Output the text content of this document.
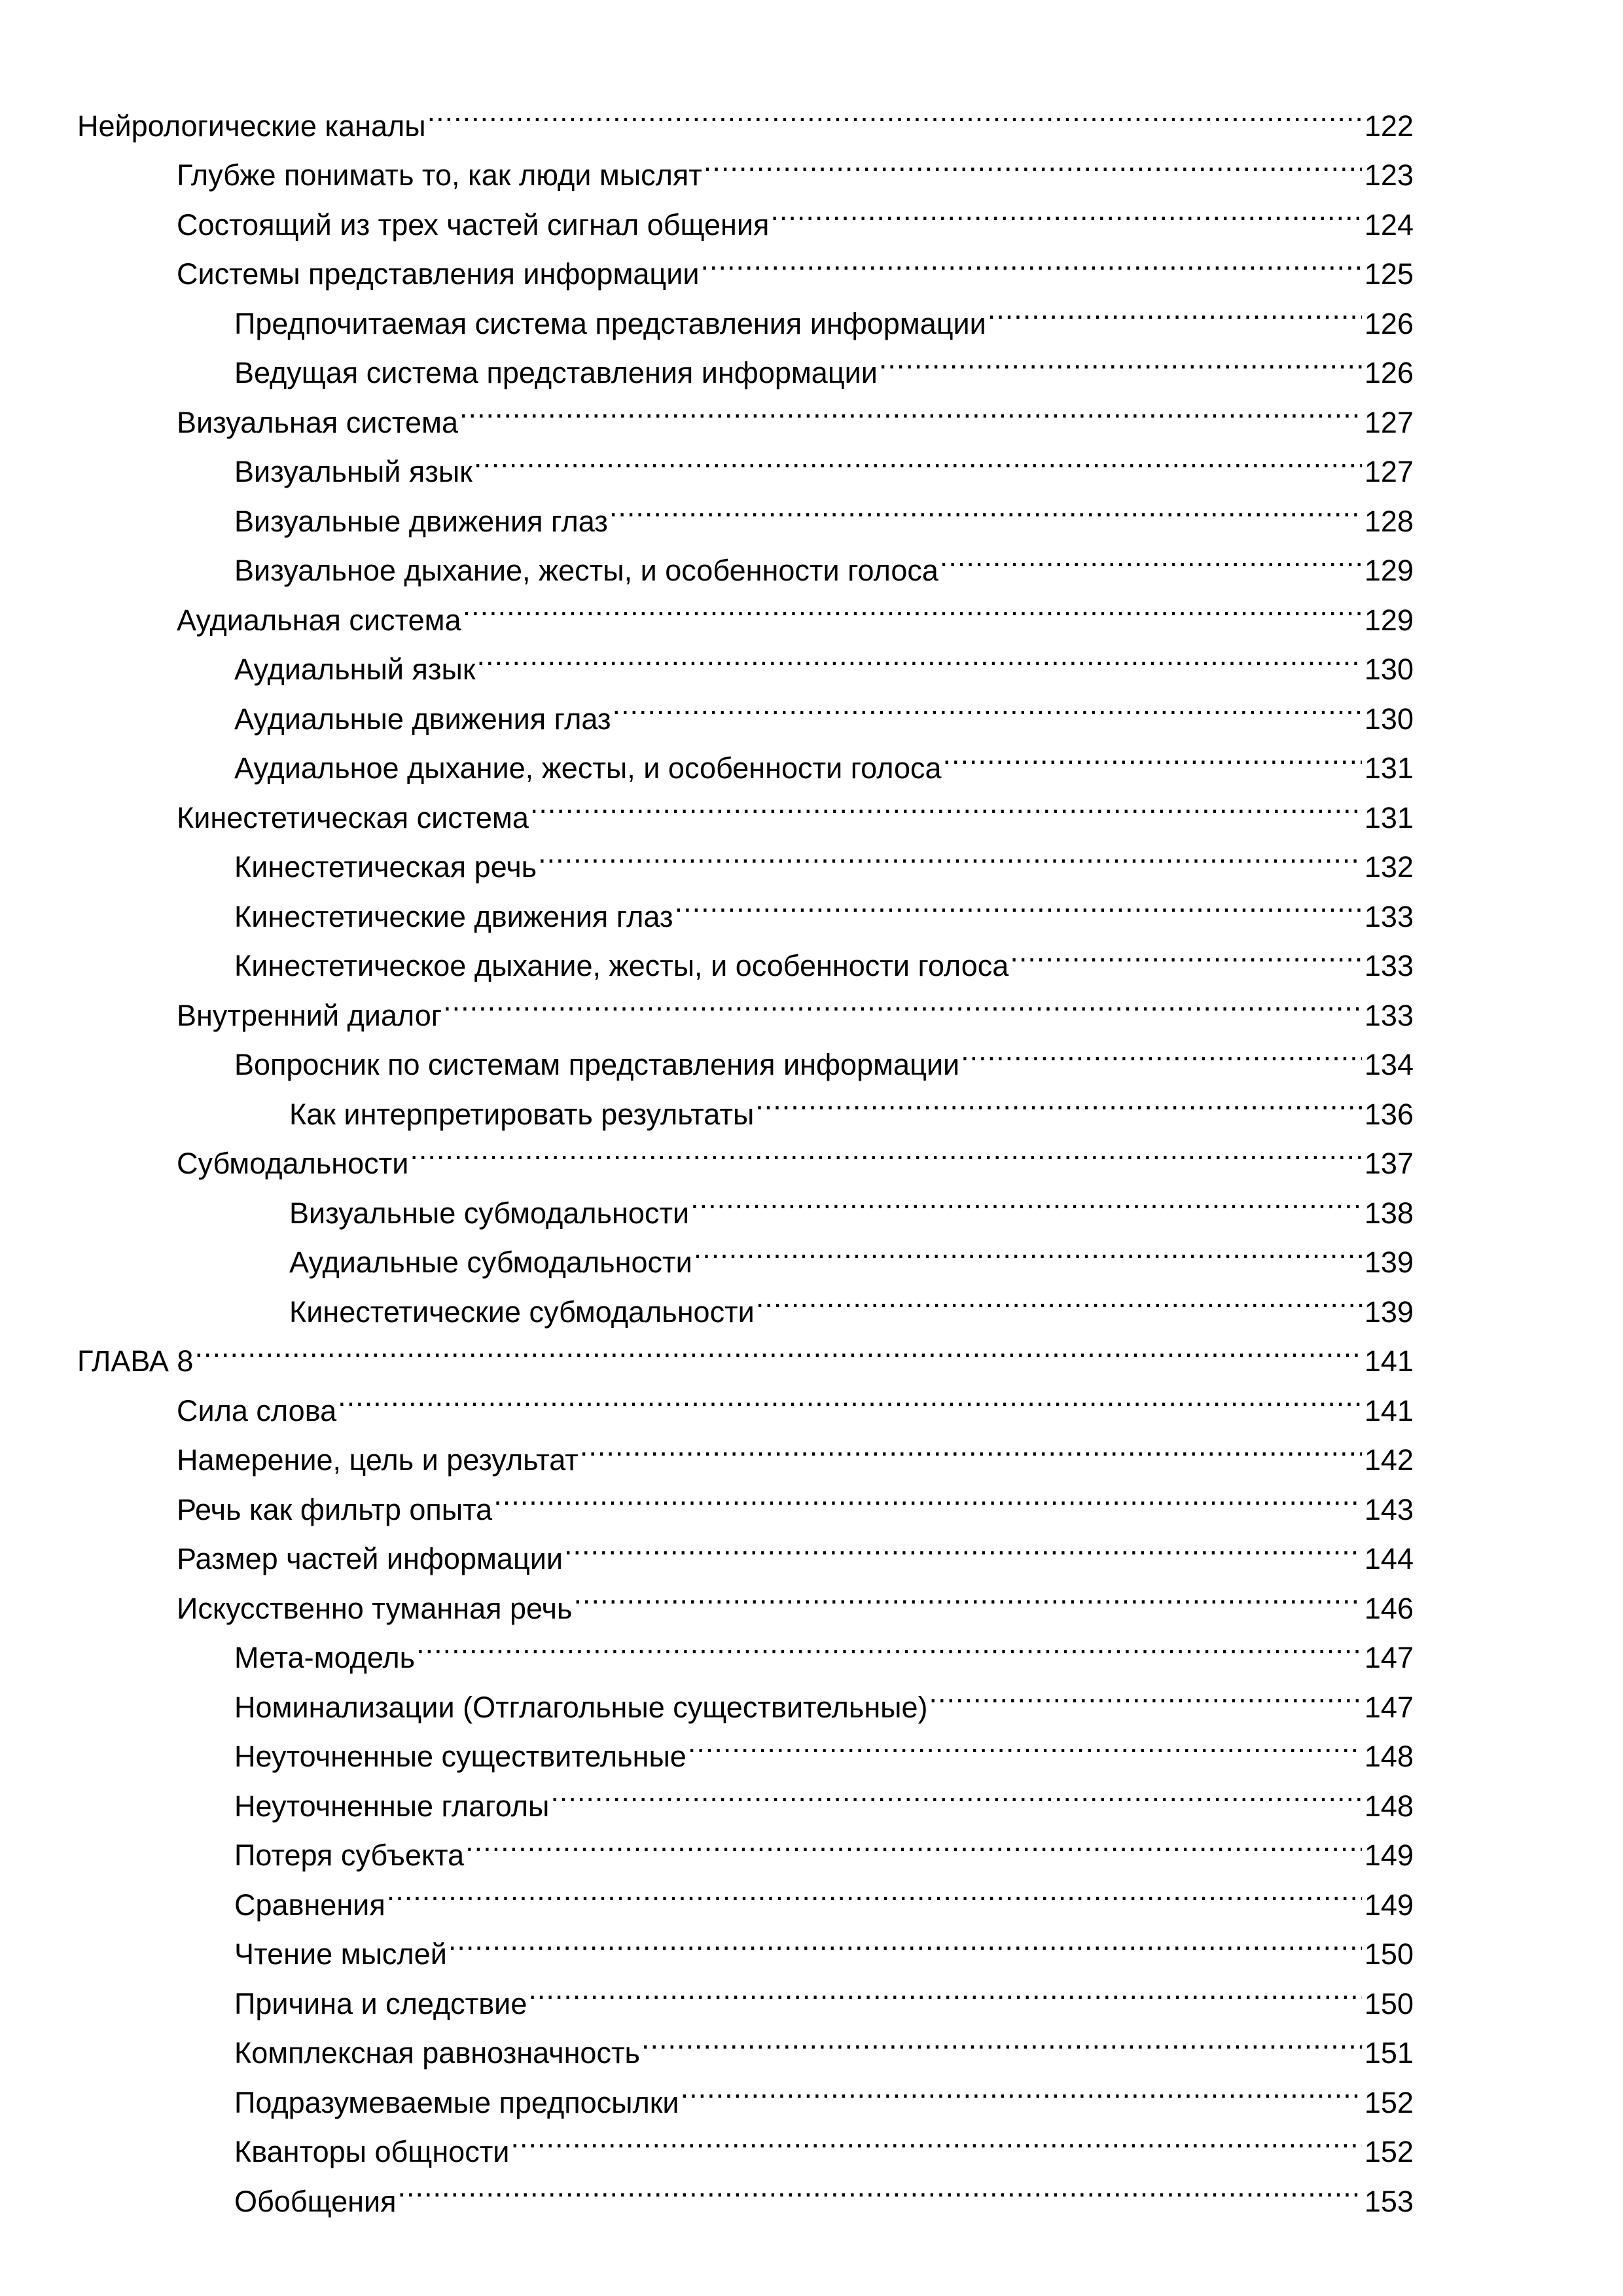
Нейрологические каналы .....	122
Глубже понимать то, как люди мыслят .....	123
Состоящий из трех частей сигнал общения .....	124
Системы представления информации .....	125
Предпочитаемая система представления информации .....	126
Ведущая система представления информации .....	126
Визуальная система .....	127
Визуальный язык .....	127
Визуальные движения глаз .....	128
Визуальное дыхание, жесты, и особенности голоса .....	129
Аудиальная система .....	129
Аудиальный язык .....	130
Аудиальные движения глаз .....	130
Аудиальное дыхание, жесты, и особенности голоса .....	131
Кинестетическая система .....	131
Кинестетическая речь .....	132
Кинестетические движения глаз .....	133
Кинестетическое дыхание, жесты, и особенности голоса .....	133
Внутренний диалог .....	133
Вопросник по системам представления информации .....	134
Как интерпретировать результаты .....	136
Субмодальности .....	137
Визуальные субмодальности .....	138
Аудиальные субмодальности .....	139
Кинестетические субмодальности .....	139
ГЛАВА 8 .....	141
Сила слова .....	141
Намерение, цель и результат .....	142
Речь как фильтр опыта .....	143
Размер частей информации .....	144
Искусственно туманная речь .....	146
Мета-модель .....	147
Номинализации (Отглагольные существительные) .....	147
Неуточненные существительные .....	148
Неуточненные глаголы .....	148
Потеря субъекта .....	149
Сравнения .....	149
Чтение мыслей .....	150
Причина и следствие .....	150
Комплексная равнозначность .....	151
Подразумеваемые предпосылки .....	152
Кванторы общности .....	152
Обобщения .....	153
